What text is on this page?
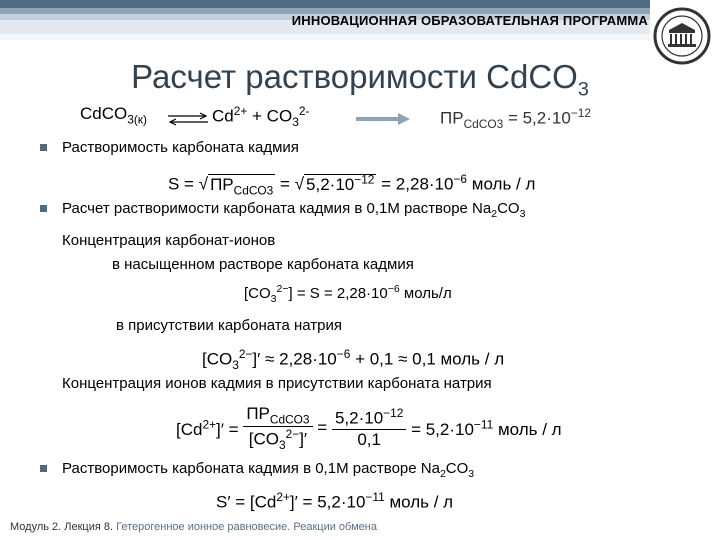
ИННОВАЦИОННАЯ ОБРАЗОВАТЕЛЬНАЯ ПРОГРАММА
Расчет растворимости CdCO$_3$
CdCO$_{3(к)}$ ⇌ $Cd^{2+} + CO_3^{2-}$	$ПР_{CdCO3} = 5,2\cdot 10^{-12}$
Растворимость карбоната кадмия
S = √ $ПР_{CdCO3}$ = √ $5,2\cdot 10^{-12} = 2,28\cdot 10^{-6}$ моль / л
Расчет растворимости карбоната кадмия в 0,1М растворе $Na_2CO_3$
Концентрация карбонат-ионов
в насыщенном растворе карбоната кадмия
$[CO_3^{2-}] = S = 2,28\cdot 10^{-6}$ моль/л
в присутствии карбоната натрия
$[CO_3^{2-}]' \approx 2,28\cdot 10^{-6} + 0,1 \approx 0,1$ моль / л
Концентрация ионов кадмия в присутствии карбоната натрия
$[Cd^{2+}]' = \frac{ПР_{CdCO3}}{[CO_3^{2-}]'} = \frac{5,2\cdot 10^{-12}}{0,1} = 5,2\cdot 10^{-11}$ моль / л
Растворимость карбоната кадмия в 0,1М растворе $Na_2CO_3$
$S' = [Cd^{2+}]' = 5,2\cdot 10^{-11}$ моль / л
Модуль 2. Лекция 8. Гетерогенное ионное равновесие. Реакции обмена
